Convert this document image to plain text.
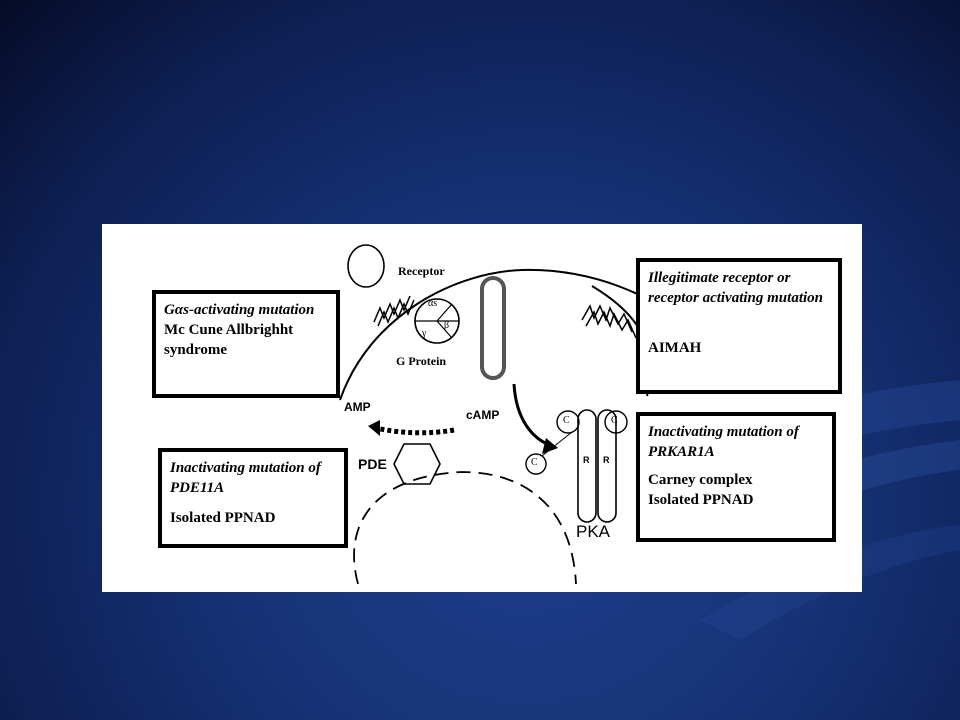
Receptor
G Protein
αs
β
γ
AMP
cAMP
PDE
PKA
C	C
C	R R
Gαs-activating mutation
Mc Cune Allbrighht syndrome
Illegitimate receptor or receptor activating mutation
AIMAH
Inactivating mutation of PDE11A
Isolated PPNAD
Inactivating mutation of PRKAR1A
Carney complex
Isolated PPNAD
